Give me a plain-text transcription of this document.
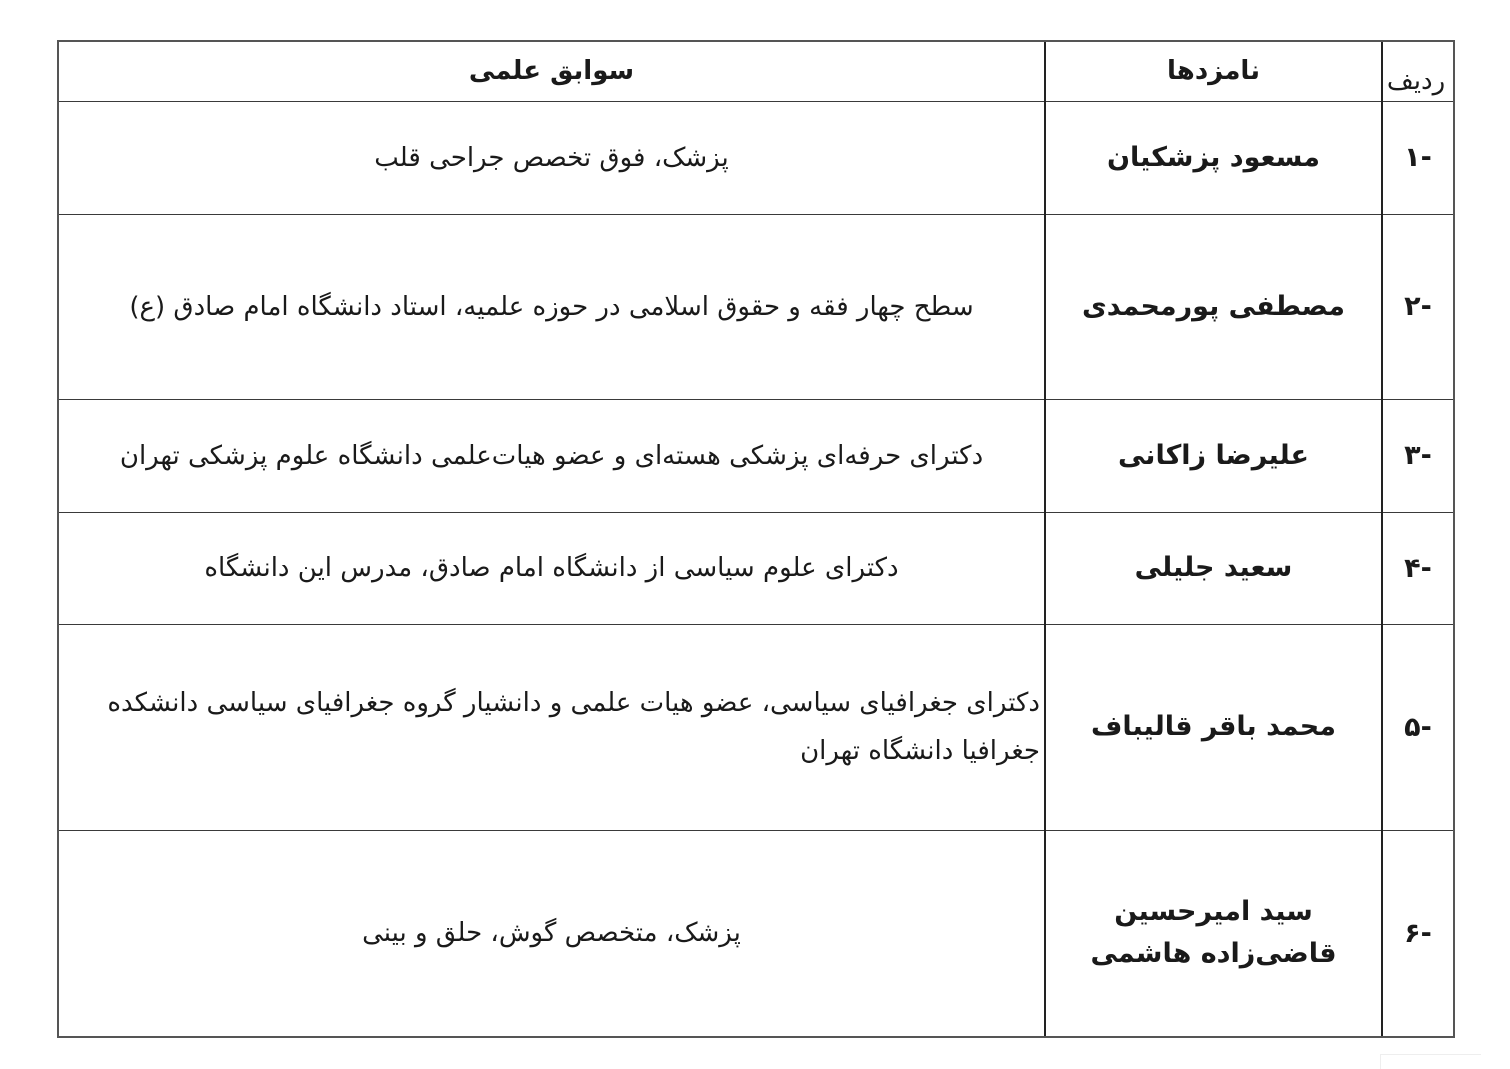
ردیف	نامزدها	سوابق علمی
-۱	مسعود پزشکیان	پزشک، فوق تخصص جراحی قلب
-۲	مصطفی پورمحمدی	سطح چهار فقه و حقوق اسلامی در حوزه علمیه، استاد دانشگاه امام صادق (ع)
-۳	علیرضا زاکانی	دکترای حرفه‌ای پزشکی هسته‌ای و عضو هیات‌علمی دانشگاه علوم پزشکی تهران
-۴	سعید جلیلی	دکترای علوم سیاسی از دانشگاه امام صادق، مدرس این دانشگاه
-۵	محمد باقر قالیباف	دکترای جغرافیای سیاسی، عضو هیات علمی و دانشیار گروه جغرافیای سیاسی دانشکده جغرافیا دانشگاه تهران
-۶	سید امیرحسین قاضی‌زاده هاشمی	پزشک، متخصص گوش، حلق و بینی
